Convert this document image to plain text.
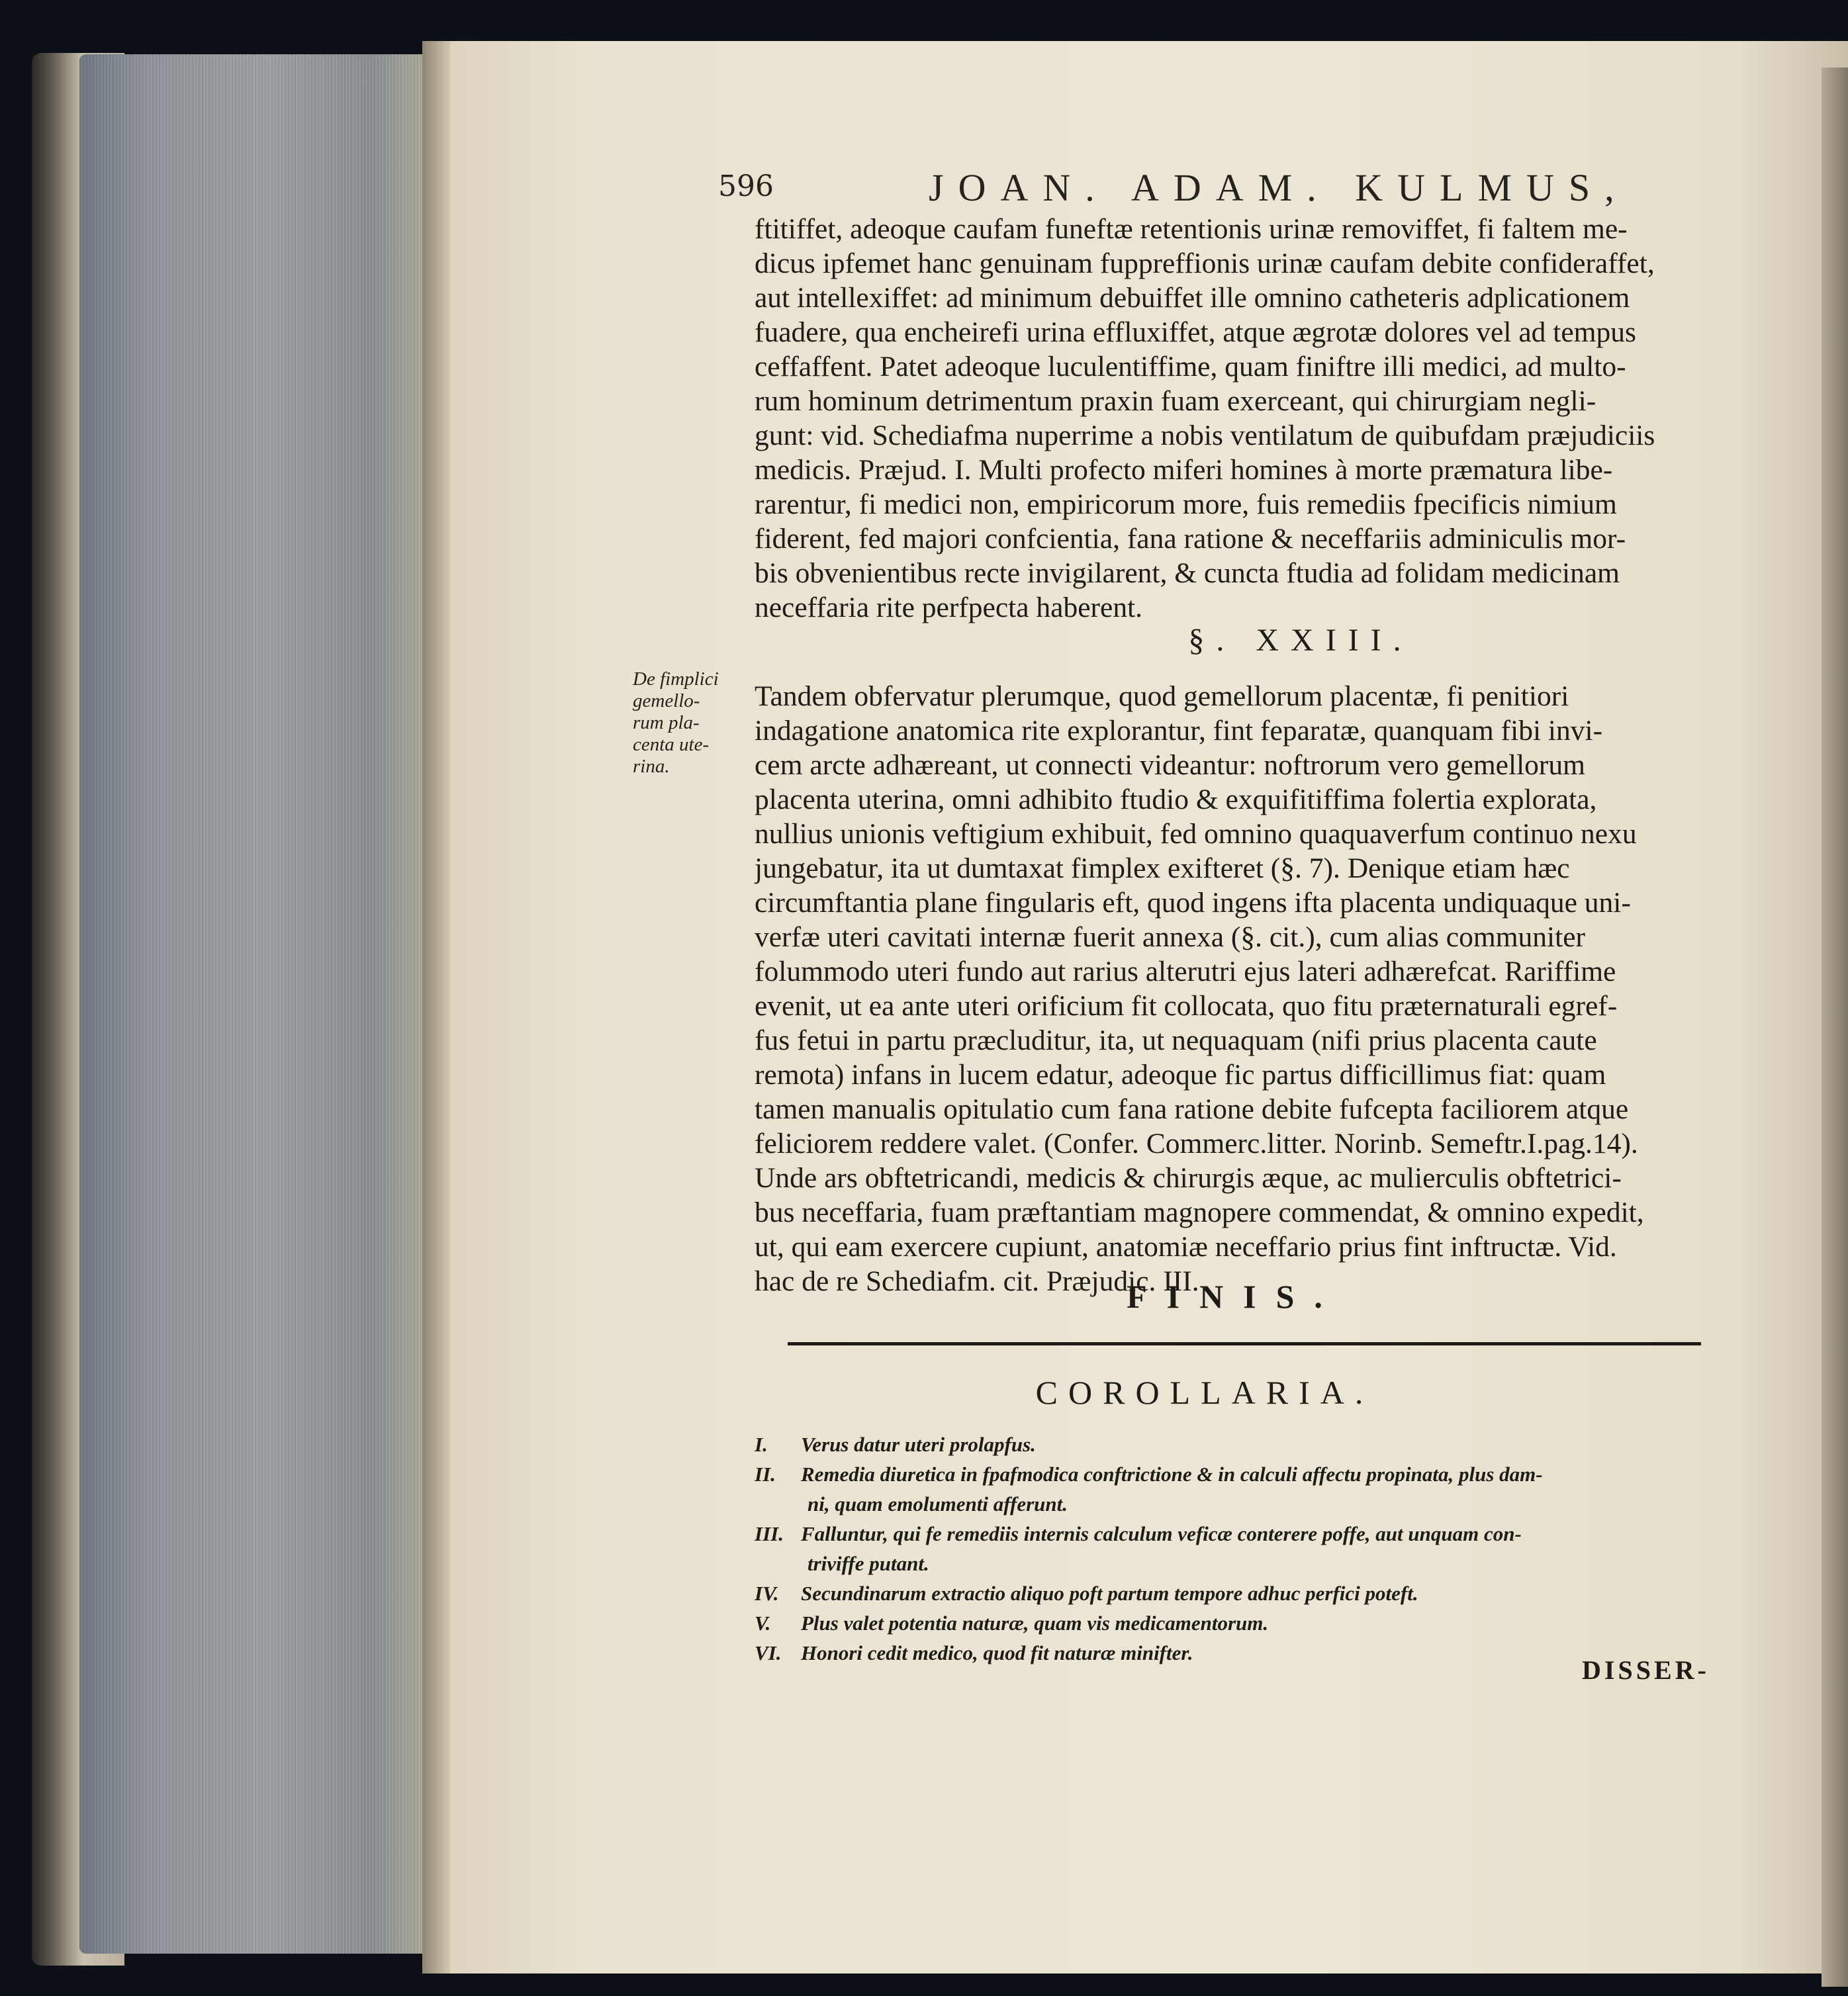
596	JOAN. ADAM. KULMUS,
ftitiffet, adeoque caufam funeftæ retentionis urinæ removiffet, fi faltem me-
dicus ipfemet hanc genuinam fuppreffionis urinæ caufam debite confideraffet,
aut intellexiffet: ad minimum debuiffet ille omnino catheteris adplicationem
fuadere, qua encheirefi urina effluxiffet, atque ægrotæ dolores vel ad tempus
ceffaffent. Patet adeoque luculentiffime, quam finiftre illi medici, ad multo-
rum hominum detrimentum praxin fuam exerceant, qui chirurgiam negli-
gunt: vid. Schediafma nuperrime a nobis ventilatum de quibufdam præjudiciis
medicis. Præjud. I. Multi profecto miferi homines à morte præmatura libe-
rarentur, fi medici non, empiricorum more, fuis remediis fpecificis nimium
fiderent, fed majori confcientia, fana ratione & neceffariis adminiculis mor-
bis obvenientibus recte invigilarent, & cuncta ftudia ad folidam medicinam
neceffaria rite perfpecta haberent.
§. XXIII.
De fimplici
gemello-
rum pla-
centa ute-
rina.
Tandem obfervatur plerumque, quod gemellorum placentæ, fi penitiori
indagatione anatomica rite explorantur, fint feparatæ, quanquam fibi invi-
cem arcte adhæreant, ut connecti videantur: noftrorum vero gemellorum
placenta uterina, omni adhibito ftudio & exquifitiffima folertia explorata,
nullius unionis veftigium exhibuit, fed omnino quaquaverfum continuo nexu
jungebatur, ita ut dumtaxat fimplex exifteret (§. 7). Denique etiam hæc
circumftantia plane fingularis eft, quod ingens ifta placenta undiquaque uni-
verfæ uteri cavitati internæ fuerit annexa (§. cit.), cum alias communiter
folummodo uteri fundo aut rarius alterutri ejus lateri adhærefcat. Rariffime
evenit, ut ea ante uteri orificium fit collocata, quo fitu præternaturali egref-
fus fetui in partu præcluditur, ita, ut nequaquam (nifi prius placenta caute
remota) infans in lucem edatur, adeoque fic partus difficillimus fiat: quam
tamen manualis opitulatio cum fana ratione debite fufcepta faciliorem atque
feliciorem reddere valet. (Confer. Commerc.litter. Norinb. Semeftr.I.pag.14).
Unde ars obftetricandi, medicis & chirurgis æque, ac mulierculis obftetrici-
bus neceffaria, fuam præftantiam magnopere commendat, & omnino expedit,
ut, qui eam exercere cupiunt, anatomiæ neceffario prius fint inftructæ. Vid.
hac de re Schediafm. cit. Præjudic. III.
FINIS.
COROLLARIA.
I. Verus datur uteri prolapfus.
II. Remedia diuretica in fpafmodica conftrictione & in calculi affectu propinata, plus dam-
ni, quam emolumenti afferunt.
III. Falluntur, qui fe remediis internis calculum veficæ conterere poffe, aut unquam con-
triviffe putant.
IV. Secundinarum extractio aliquo poft partum tempore adhuc perfici poteft.
V. Plus valet potentia naturæ, quam vis medicamentorum.
VI. Honori cedit medico, quod fit naturæ minifter.
DISSER-
